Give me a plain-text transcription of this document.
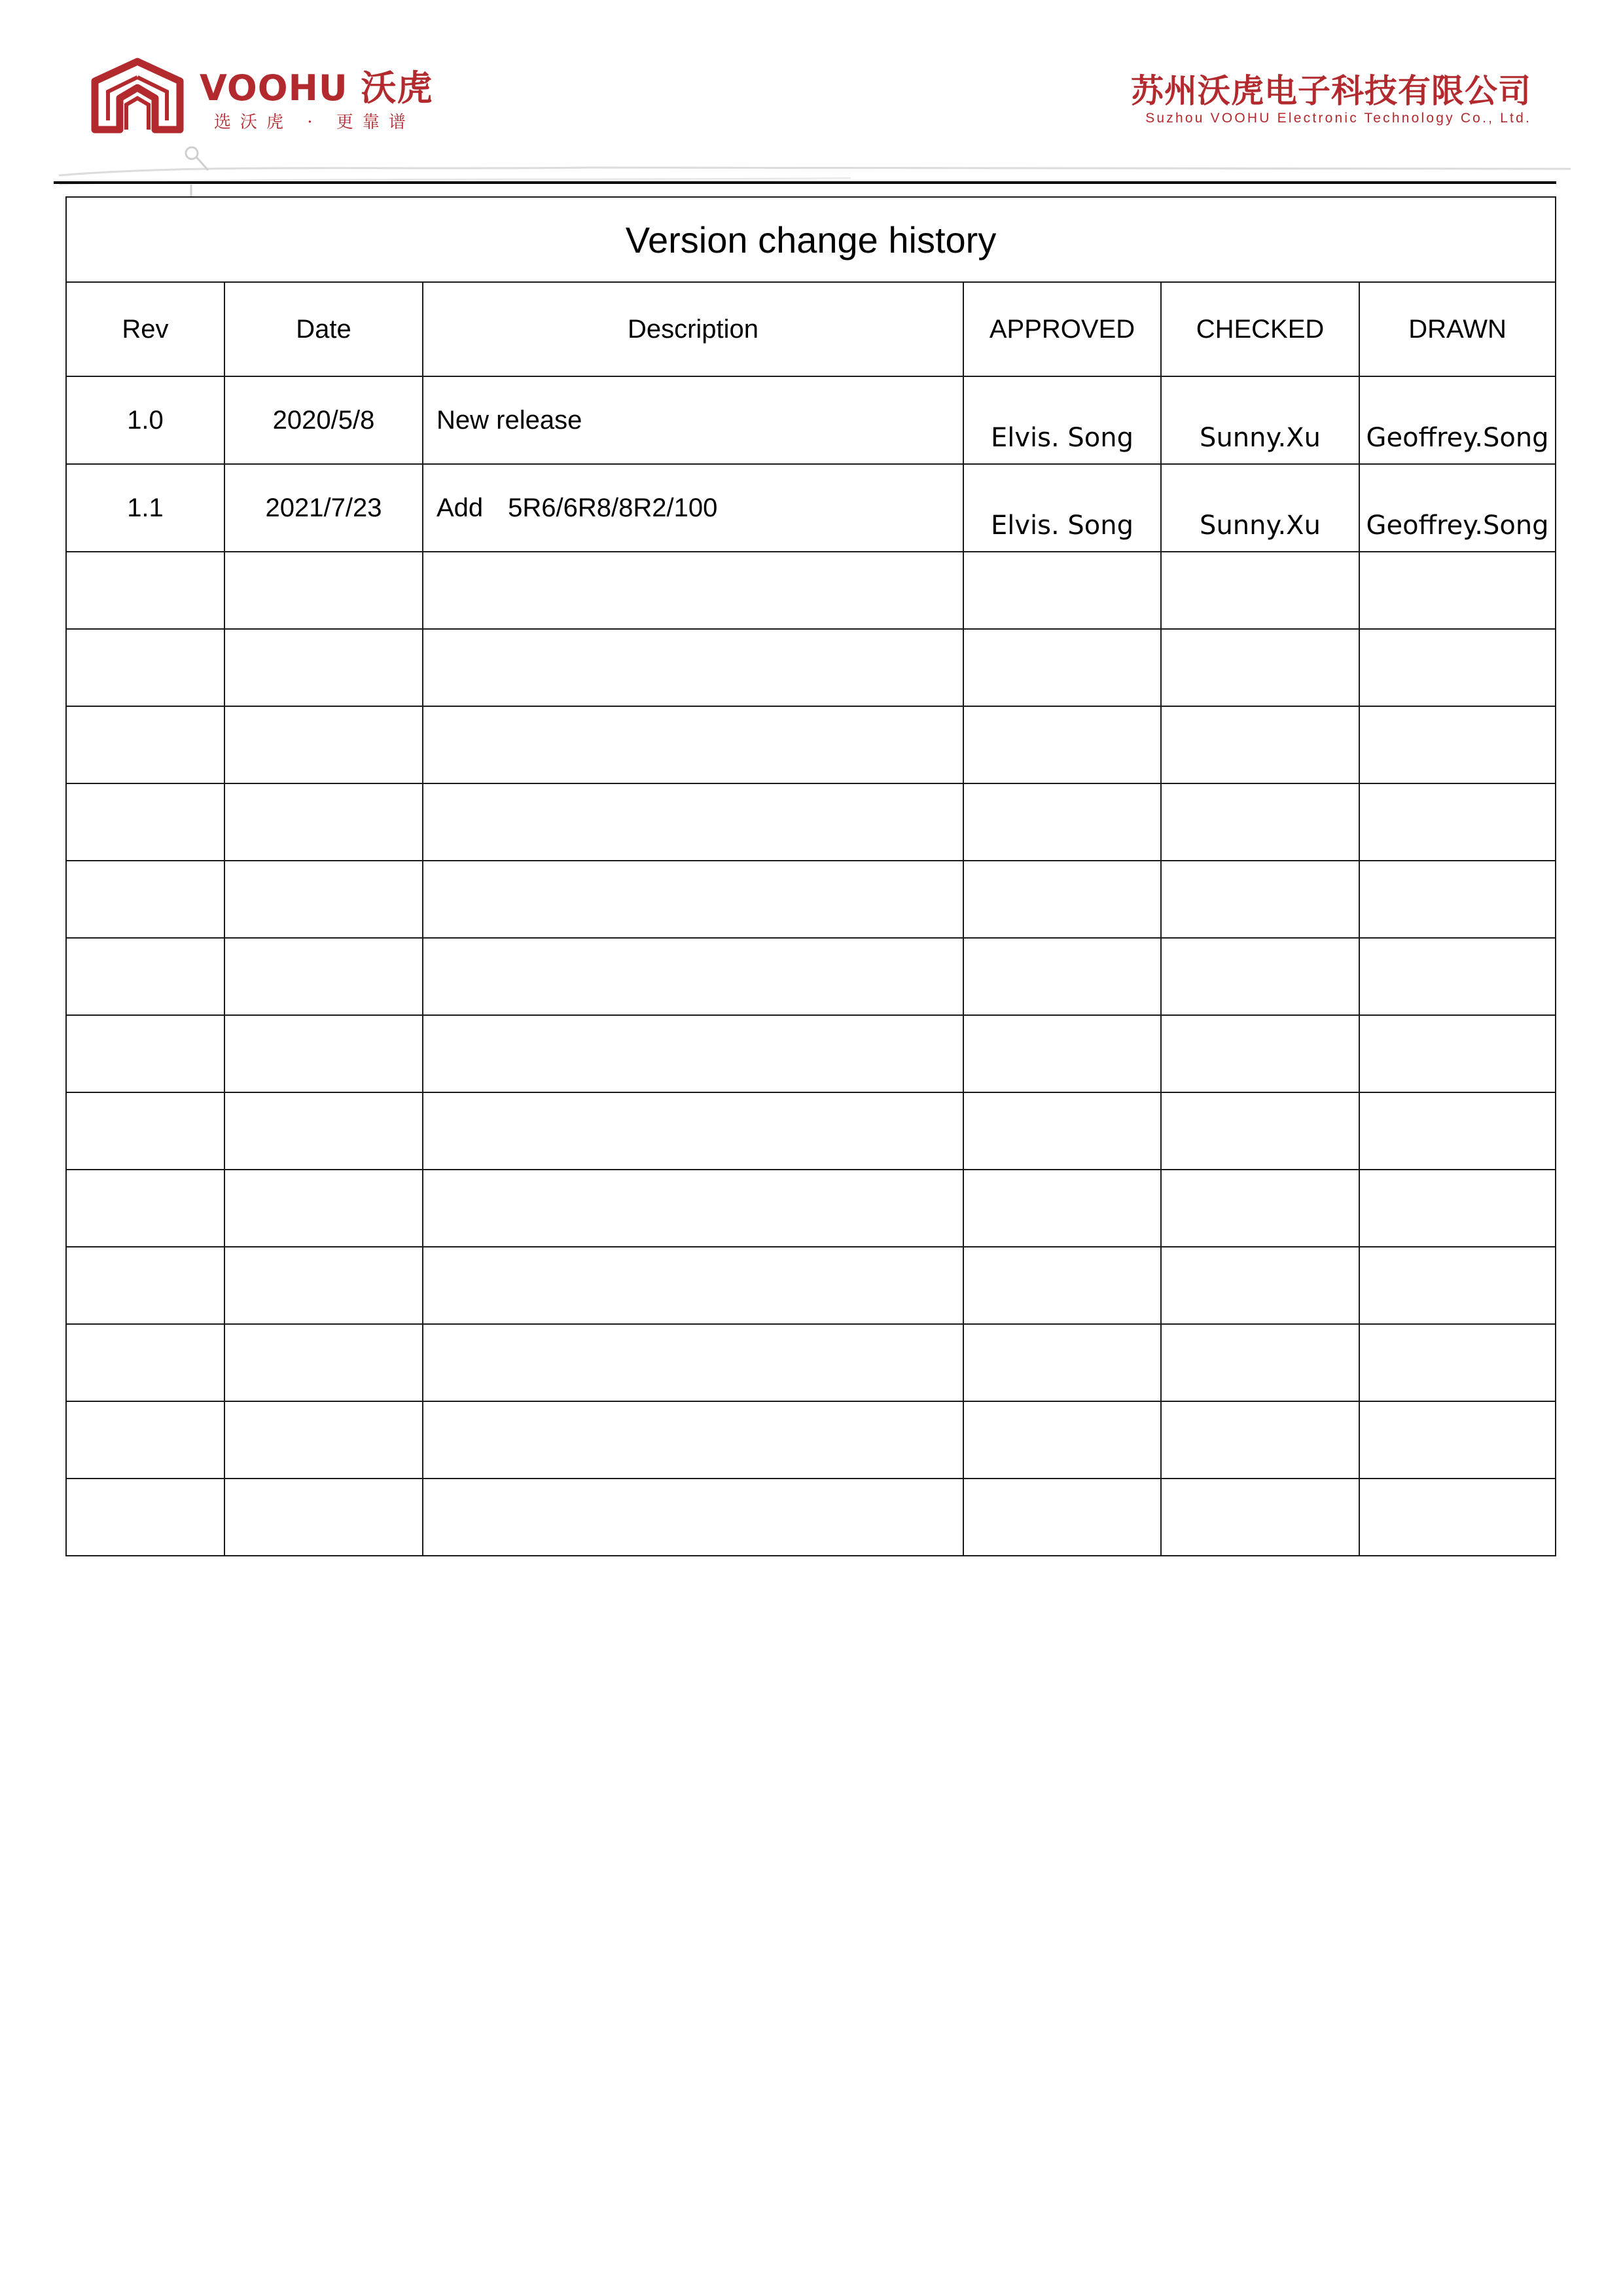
VOOHU 沃虎
选沃虎 · 更靠谱
苏州沃虎电子科技有限公司
Suzhou VOOHU Electronic Technology Co., Ltd.
Version change history					
Rev	Date	Description	APPROVED	CHECKED	DRAWN
1.0	2020/5/8	New release	Elvis. Song	Sunny.Xu	Geoffrey.Song
1.1	2021/7/23	Add 5R6/6R8/8R2/100	Elvis. Song	Sunny.Xu	Geoffrey.Song
